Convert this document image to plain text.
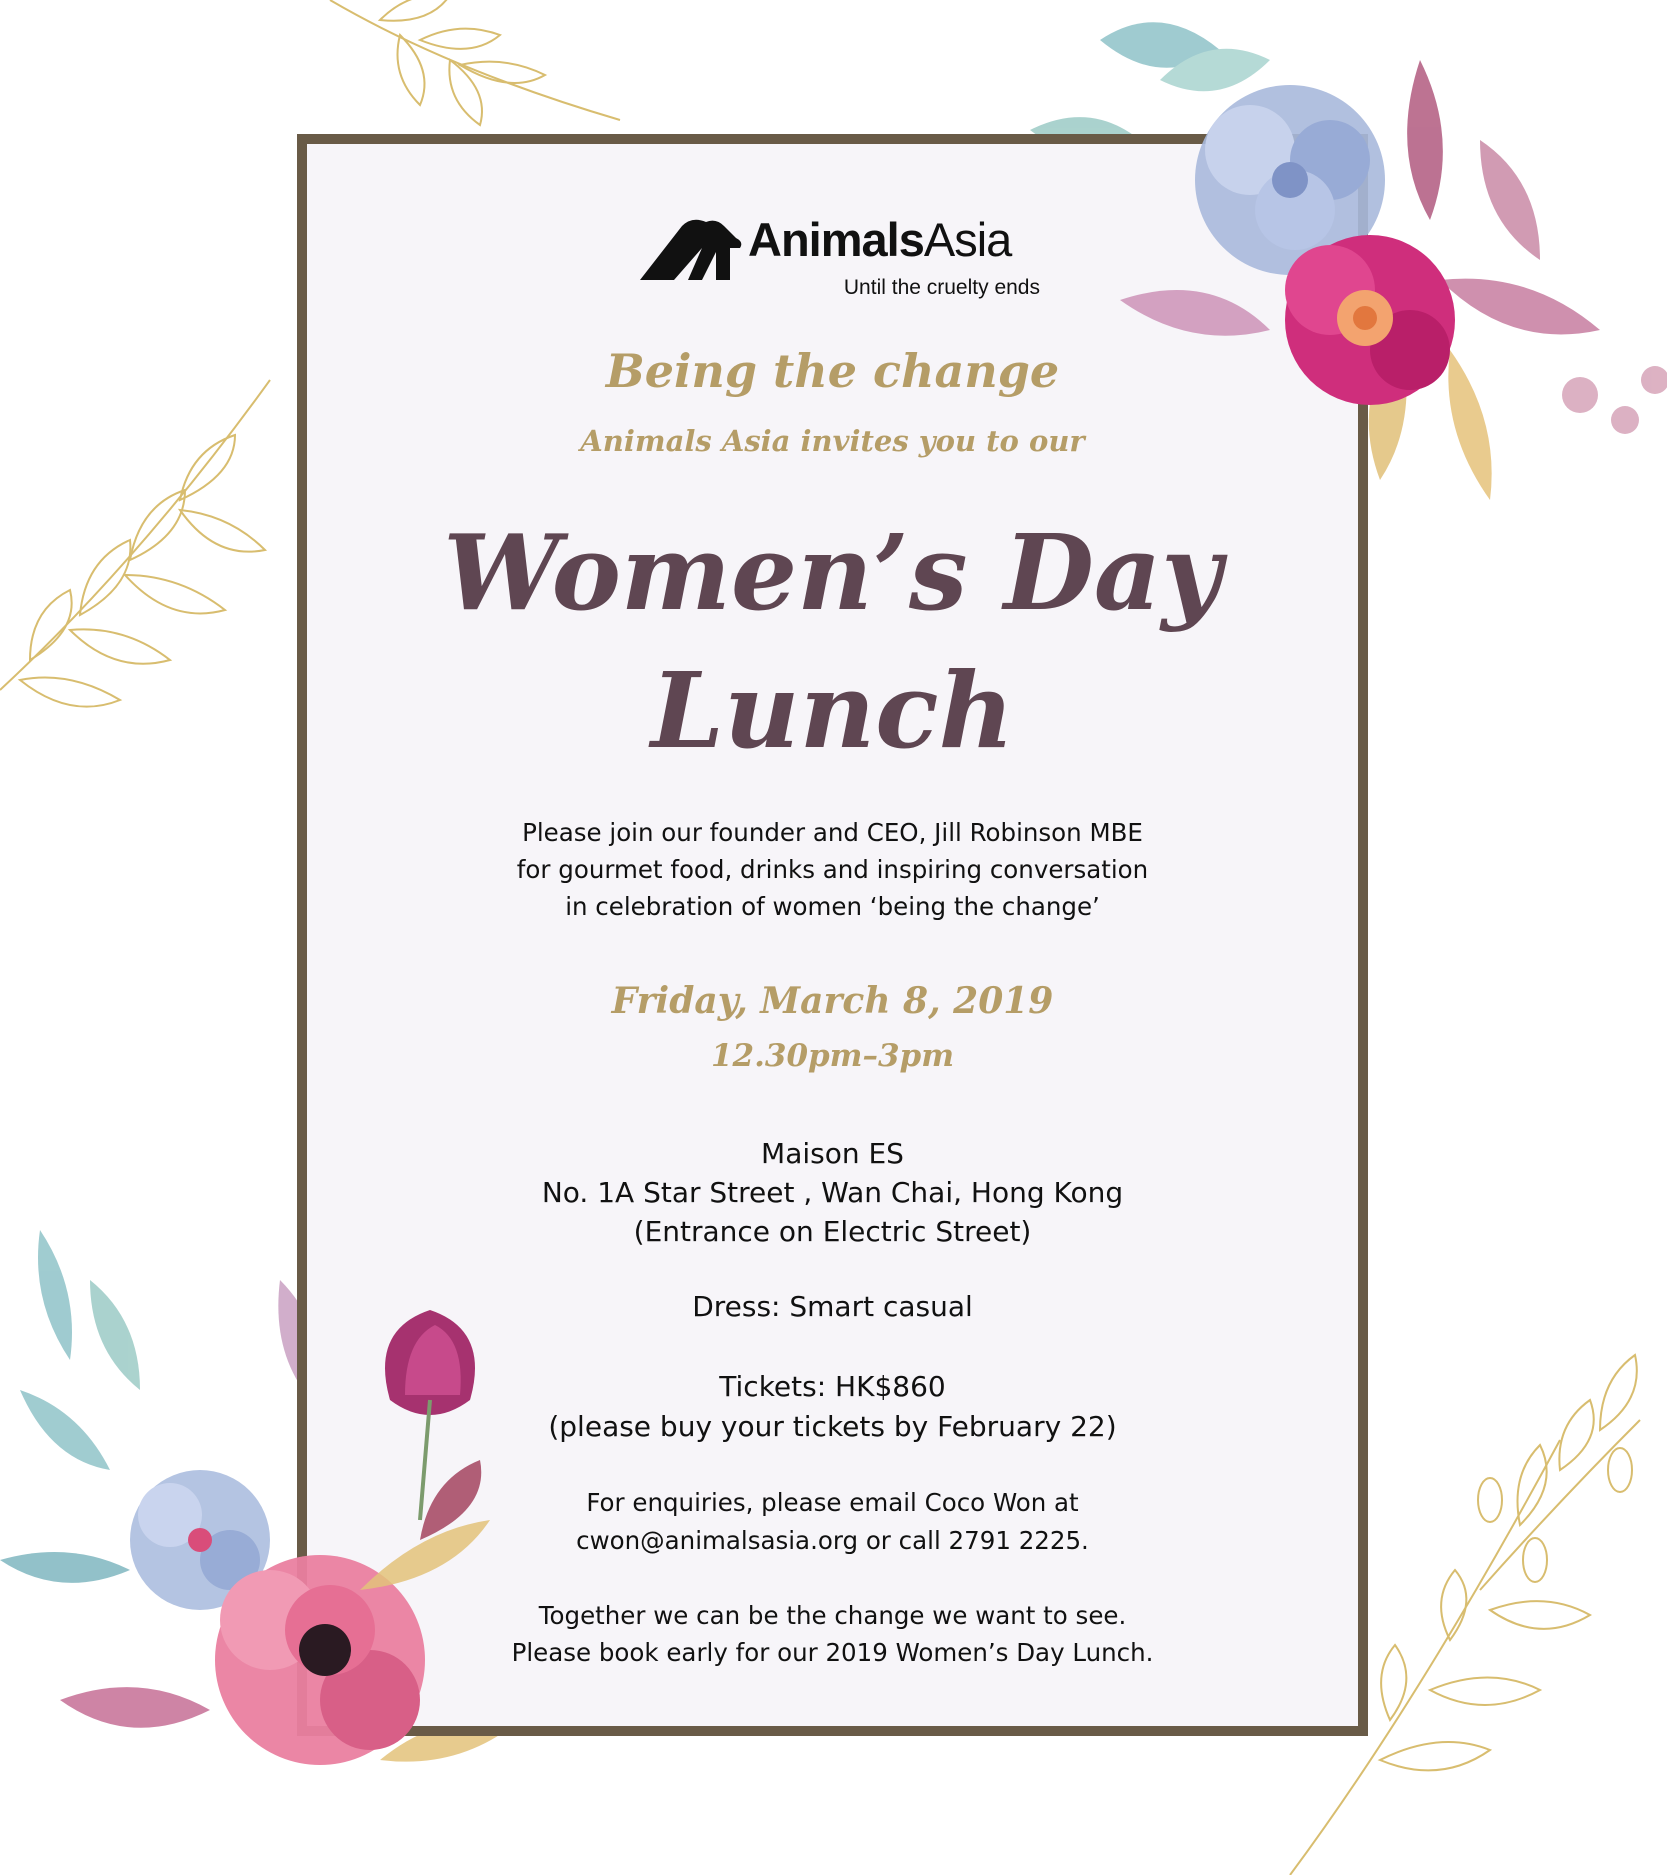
AnimalsAsia
Until the cruelty ends
Being the change
Animals Asia invites you to our
Women’s Day
Lunch
Please join our founder and CEO, Jill Robinson MBE
for gourmet food, drinks and inspiring conversation
in celebration of women ‘being the change’
Friday, March 8, 2019
12.30pm–3pm
Maison ES
No. 1A Star Street , Wan Chai, Hong Kong
(Entrance on Electric Street)
Dress: Smart casual
Tickets: HK$860
(please buy your tickets by February 22)
For enquiries, please email Coco Won at
cwon@animalsasia.org or call 2791 2225.
Together we can be the change we want to see.
Please book early for our 2019 Women’s Day Lunch.
